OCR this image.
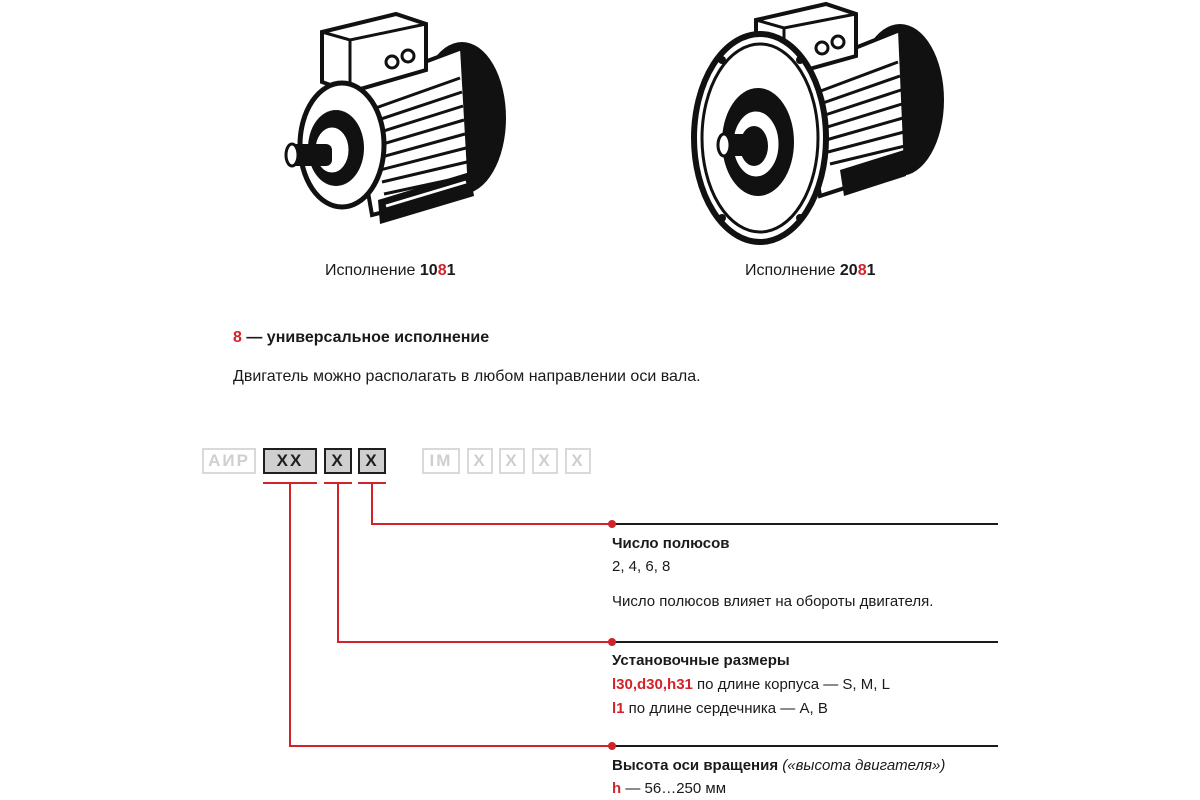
Исполнение 1081	Исполнение 2081
8 — универсальное исполнение
Двигатель можно располагать в любом направлении оси вала.
АИР	XX	X	X	IM	X	X	X	X
Число полюсов
2, 4, 6, 8
Число полюсов влияет на обороты двигателя.
Установочные размеры
l30,d30,h31 по длине корпуса — S, M, L
l1 по длине сердечника — A, B
Высота оси вращения («высота двигателя»)
h — 56…250 мм
